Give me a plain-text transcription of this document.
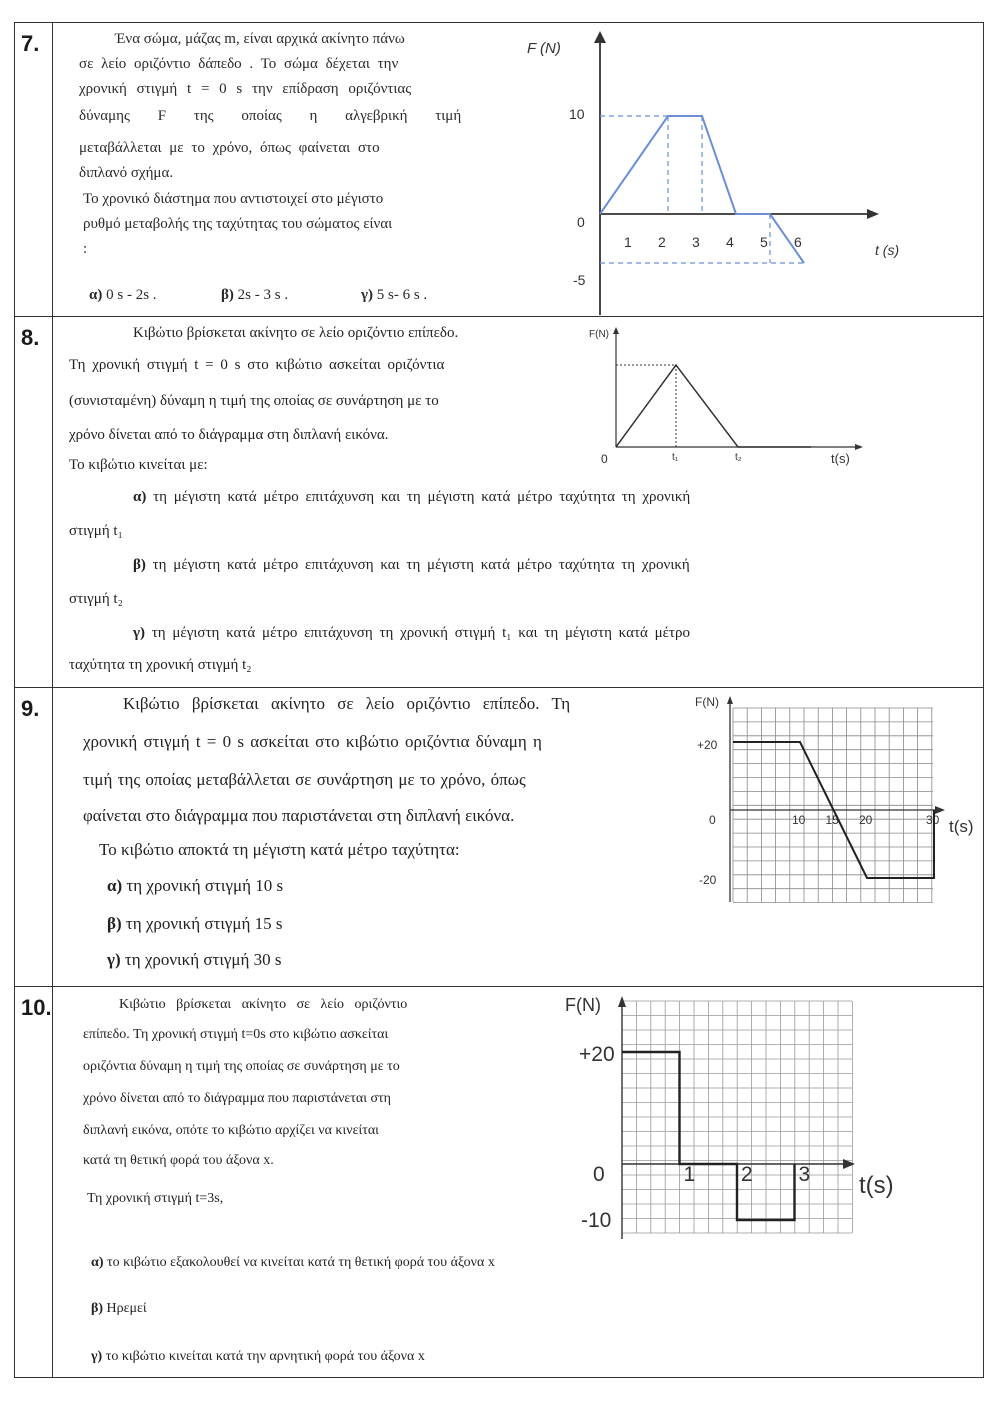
7.	Ένα σώμα, μάζας m, είναι αρχικά ακίνητο πάνω
σε λείο οριζόντιο δάπεδο . Το σώμα δέχεται την
χρονική στιγμή t = 0 s την επίδραση οριζόντιας
δύναμης F της οποίας η αλγεβρική τιμή
μεταβάλλεται με το χρόνο, όπως φαίνεται στο
διπλανό σχήμα.
Το χρονικό διάστημα που αντιστοιχεί στο μέγιστο
ρυθμό μεταβολής της ταχύτητας του σώματος είναι
:
α) 0 s - 2s .	β) 2s - 3 s .	γ) 5 s- 6 s .
F (N)
10
0
-5
t (s)
1 2 3 4 5 6
8.	Κιβώτιο βρίσκεται ακίνητο σε λείο οριζόντιο επίπεδο.
Τη χρονική στιγμή t = 0 s στο κιβώτιο ασκείται οριζόντια
(συνισταμένη) δύναμη η τιμή της οποίας σε συνάρτηση με το
χρόνο δίνεται από το διάγραμμα στη διπλανή εικόνα.
Το κιβώτιο κινείται με:
α) τη μέγιστη κατά μέτρο επιτάχυνση και τη μέγιστη κατά μέτρο ταχύτητα τη χρονική
στιγμή t₁
β) τη μέγιστη κατά μέτρο επιτάχυνση και τη μέγιστη κατά μέτρο ταχύτητα τη χρονική
στιγμή t₂
γ) τη μέγιστη κατά μέτρο επιτάχυνση τη χρονική στιγμή t₁ και τη μέγιστη κατά μέτρο
ταχύτητα τη χρονική στιγμή t₂
F(N)
0	t₁	t₂	t(s)
9.	Κιβώτιο βρίσκεται ακίνητο σε λείο οριζόντιο επίπεδο. Τη
χρονική στιγμή t = 0 s ασκείται στο κιβώτιο οριζόντια δύναμη η
τιμή της οποίας μεταβάλλεται σε συνάρτηση με το χρόνο, όπως
φαίνεται στο διάγραμμα που παριστάνεται στη διπλανή εικόνα.
Το κιβώτιο αποκτά τη μέγιστη κατά μέτρο ταχύτητα:
α) τη χρονική στιγμή 10 s
β) τη χρονική στιγμή 15 s
γ) τη χρονική στιγμή 30 s
F(N)
+20
0
-20
t(s)
10 15 20	30
10.	Κιβώτιο βρίσκεται ακίνητο σε λείο οριζόντιο
επίπεδο. Τη χρονική στιγμή t=0s στο κιβώτιο ασκείται
οριζόντια δύναμη η τιμή της οποίας σε συνάρτηση με το
χρόνο δίνεται από το διάγραμμα που παριστάνεται στη
διπλανή εικόνα, οπότε το κιβώτιο αρχίζει να κινείται
κατά τη θετική φορά του άξονα x.
Τη χρονική στιγμή t=3s,
α) το κιβώτιο εξακολουθεί να κινείται κατά τη θετική φορά του άξονα x
β) Ηρεμεί
γ) το κιβώτιο κινείται κατά την αρνητική φορά του άξονα x
F(N)
+20
0
-10
t(s)
1 2 3
